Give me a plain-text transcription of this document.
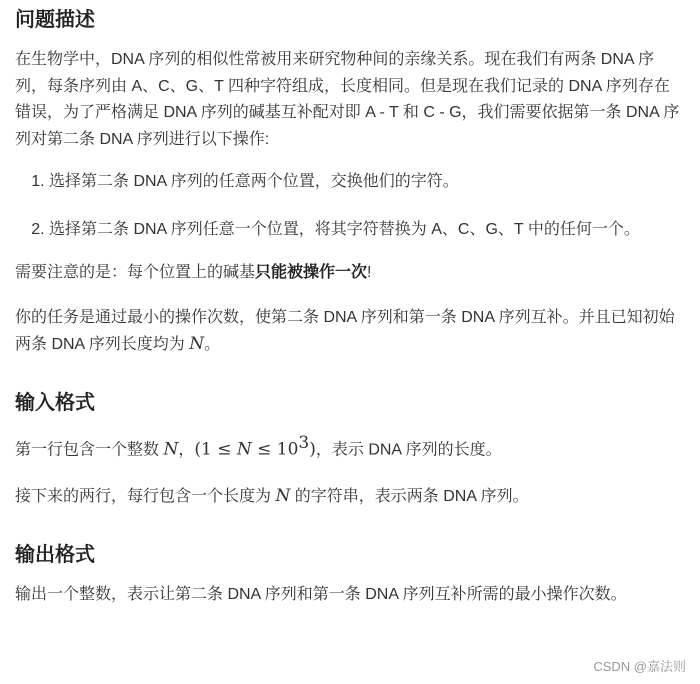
问题描述

在生物学中，DNA 序列的相似性常被用来研究物种间的亲缘关系。现在我们有两条 DNA 序列，每条序列由 A、C、G、T 四种字符组成，长度相同。但是现在我们记录的 DNA 序列存在错误，为了严格满足 DNA 序列的碱基互补配对即 A - T 和 C - G，我们需要依据第一条 DNA 序列对第二条 DNA 序列进行以下操作:

1. 选择第二条 DNA 序列的任意两个位置，交换他们的字符。
2. 选择第二条 DNA 序列任意一个位置，将其字符替换为 A、C、G、T 中的任何一个。

需要注意的是：每个位置上的碱基只能被操作一次!

你的任务是通过最小的操作次数，使第二条 DNA 序列和第一条 DNA 序列互补。并且已知初始两条 DNA 序列长度均为 N。

输入格式

第一行包含一个整数 N，$(1 \le N \le 10^3)$，表示 DNA 序列的长度。

接下来的两行，每行包含一个长度为 N 的字符串，表示两条 DNA 序列。

输出格式

输出一个整数，表示让第二条 DNA 序列和第一条 DNA 序列互补所需的最小操作次数。

CSDN @嘉法则
